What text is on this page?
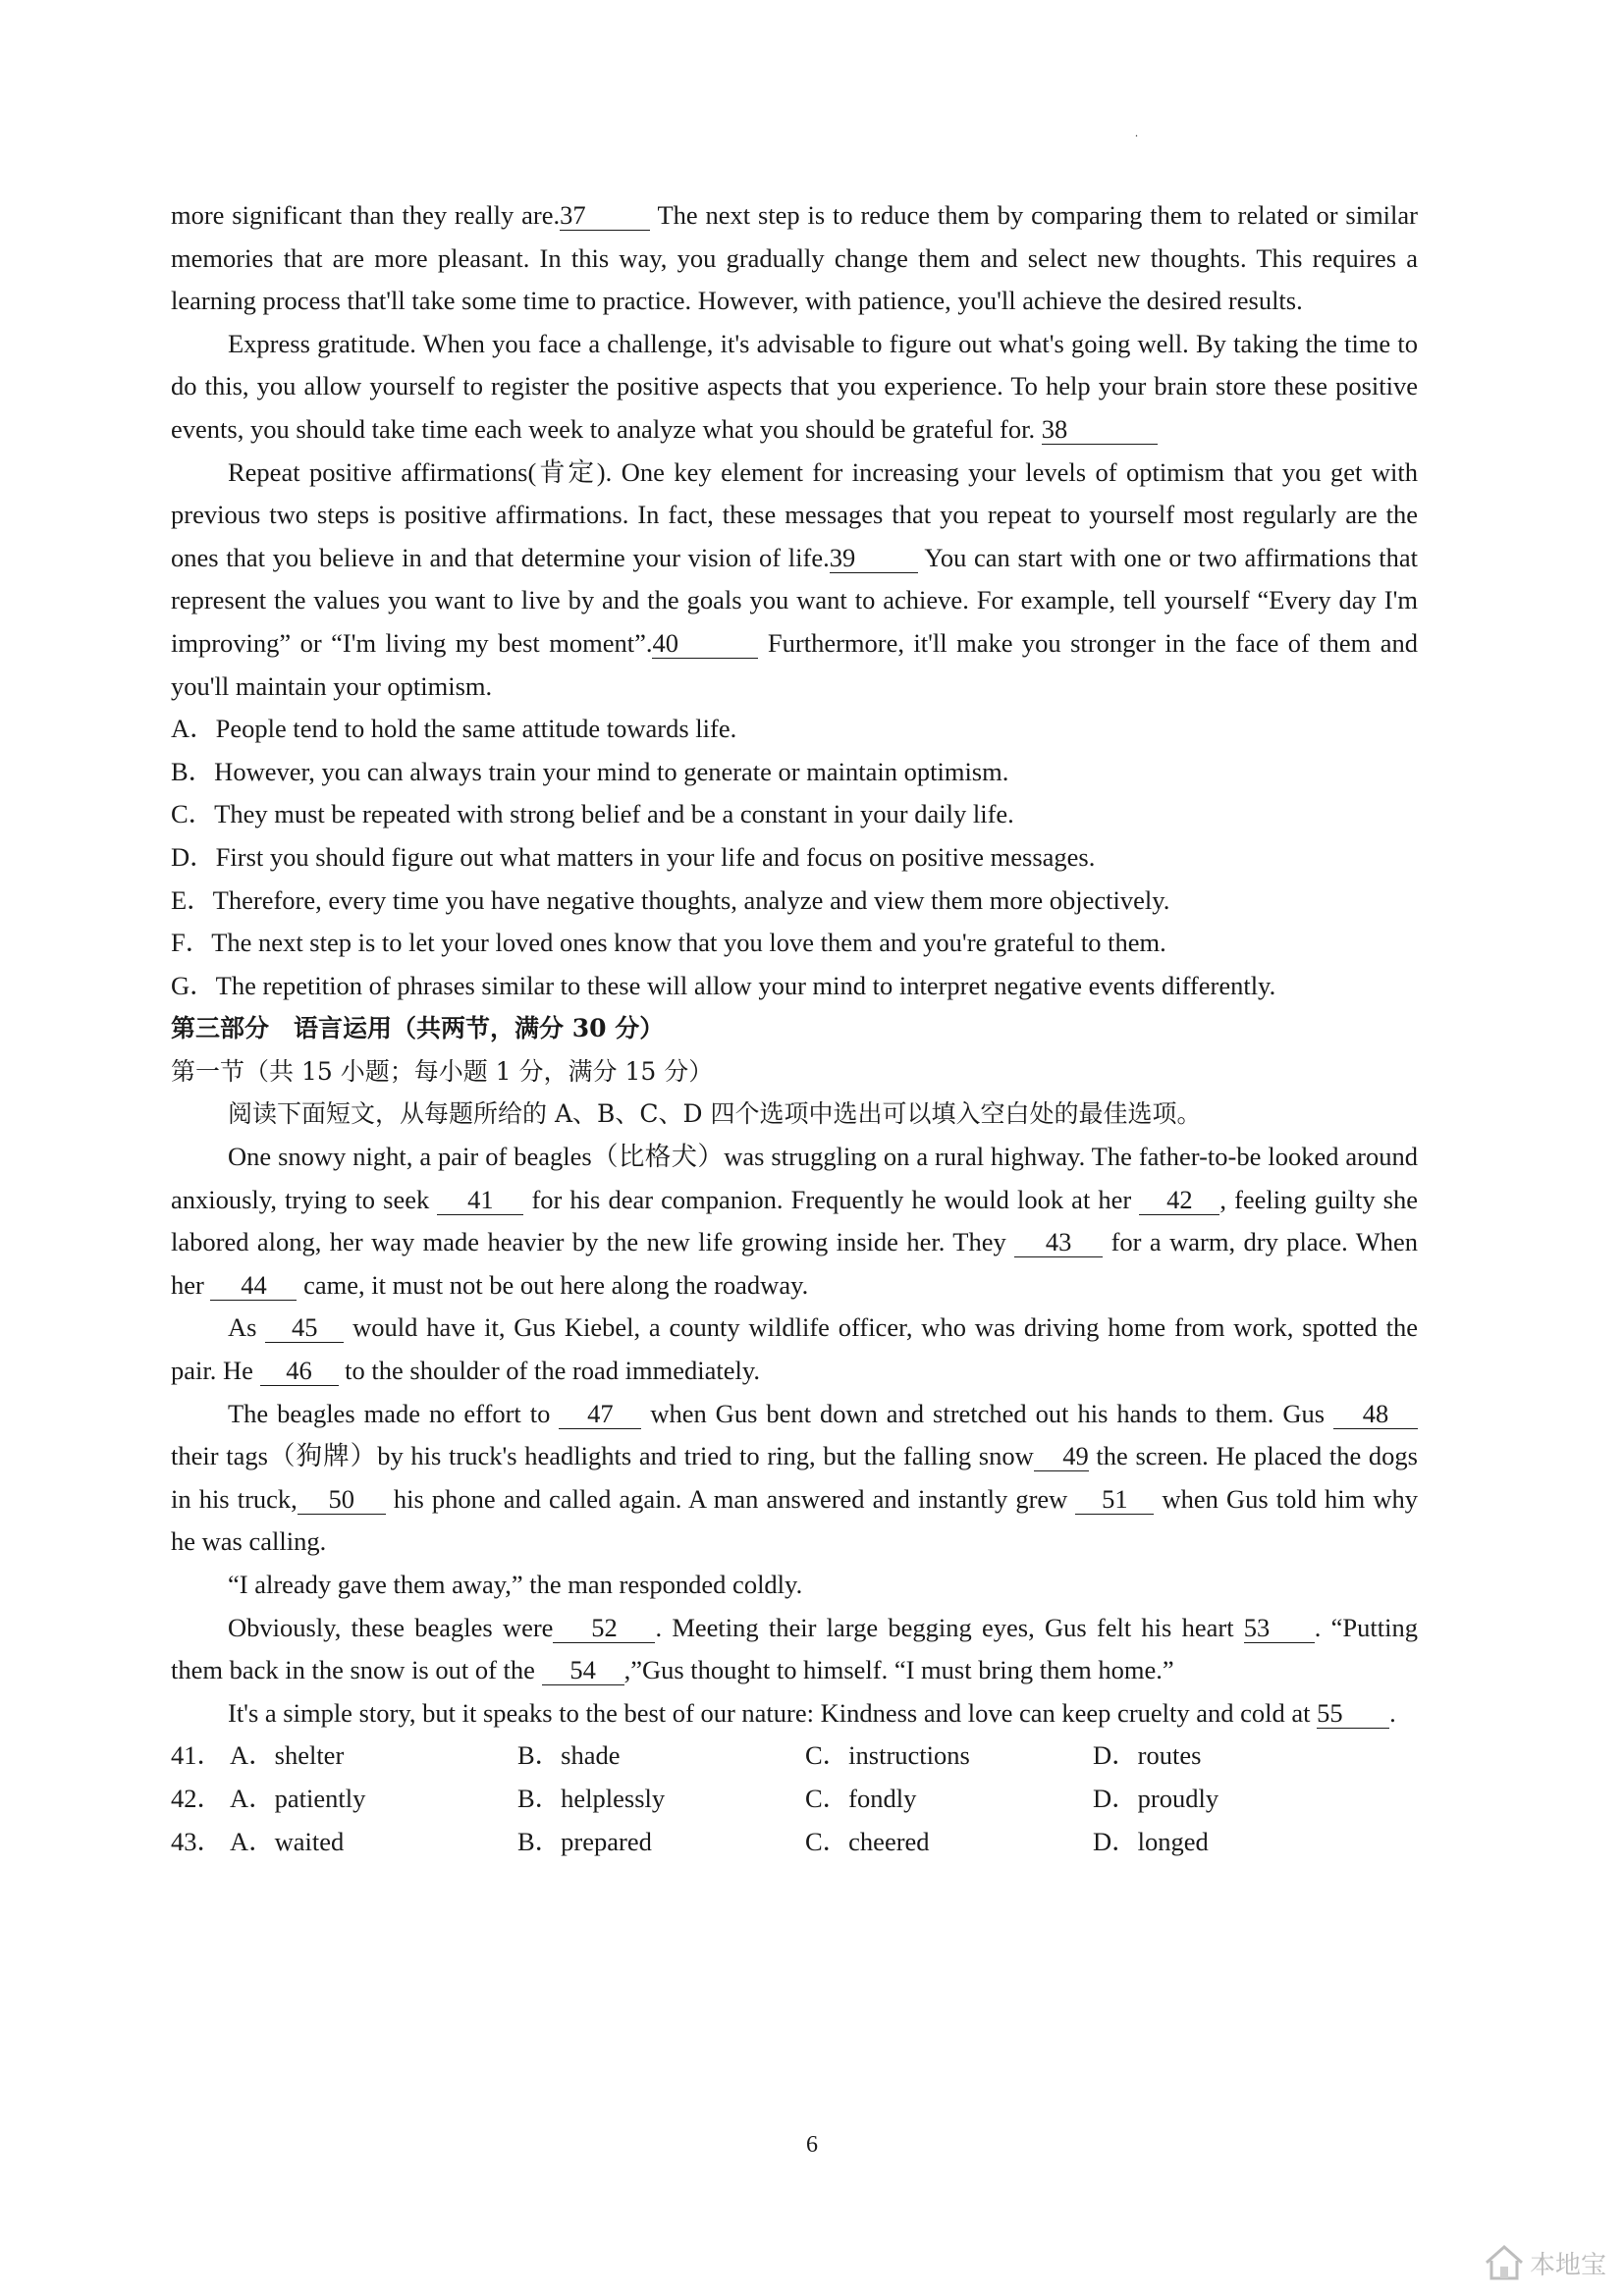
.

more significant than they really are.37 The next step is to reduce them by comparing them to related or similar memories that are more pleasant. In this way, you gradually change them and select new thoughts. This requires a learning process that'll take some time to practice. However, with patience, you'll achieve the desired results.

Express gratitude. When you face a challenge, it's advisable to figure out what's going well. By taking the time to do this, you allow yourself to register the positive aspects that you experience. To help your brain store these positive events, you should take time each week to analyze what you should be grateful for. 38

Repeat positive affirmations(肯定). One key element for increasing your levels of optimism that you get with previous two steps is positive affirmations. In fact, these messages that you repeat to yourself most regularly are the ones that you believe in and that determine your vision of life.39 You can start with one or two affirmations that represent the values you want to live by and the goals you want to achieve. For example, tell yourself “Every day I'm improving” or “I'm living my best moment”.40	Furthermore, it'll make you stronger in the face of them and you'll maintain your optimism.

A．People tend to hold the same attitude towards life.

B．However, you can always train your mind to generate or maintain optimism.

C．They must be repeated with strong belief and be a constant in your daily life.

D．First you should figure out what matters in your life and focus on positive messages.

E．Therefore, every time you have negative thoughts, analyze and view them more objectively.

F．The next step is to let your loved ones know that you love them and you're grateful to them.

G．The repetition of phrases similar to these will allow your mind to interpret negative events differently.

第三部分　语言运用（共两节，满分 30 分）

第一节（共 15 小题；每小题 1 分，满分 15 分）

阅读下面短文，从每题所给的 A、B、C、D 四个选项中选出可以填入空白处的最佳选项。

One snowy night, a pair of beagles（比格犬）was struggling on a rural highway. The father-to-be looked around anxiously, trying to seek 41 for his dear companion. Frequently he would look at her 42 , feeling guilty she labored along, her way made heavier by the new life growing inside her. They 43 for a warm, dry place. When her 44 came, it must not be out here along the roadway.

As 45 would have it, Gus Kiebel, a county wildlife officer, who was driving home from work, spotted the pair. He 46 to the shoulder of the road immediately.

The beagles made no effort to 47 when Gus bent down and stretched out his hands to them. Gus 48 their tags（狗牌）by his truck's headlights and tried to ring, but the falling snow 49 the screen. He placed the dogs in his truck, 50 his phone and called again. A man answered and instantly grew 51 when Gus told him why he was calling.

“I already gave them away,” the man responded coldly.

Obviously, these beagles were 52 . Meeting their large begging eyes, Gus felt his heart 53 . “Putting them back in the snow is out of the 54 ,”Gus thought to himself. “I must bring them home.”

It's a simple story, but it speaks to the best of our nature: Kindness and love can keep cruelty and cold at 55 .

41． A．shelter	B．shade	C．instructions	D．routes
42． A．patiently	B．helplessly	C．fondly	D．proudly
43． A．waited	B．prepared	C．cheered	D．longed
6
本地宝
